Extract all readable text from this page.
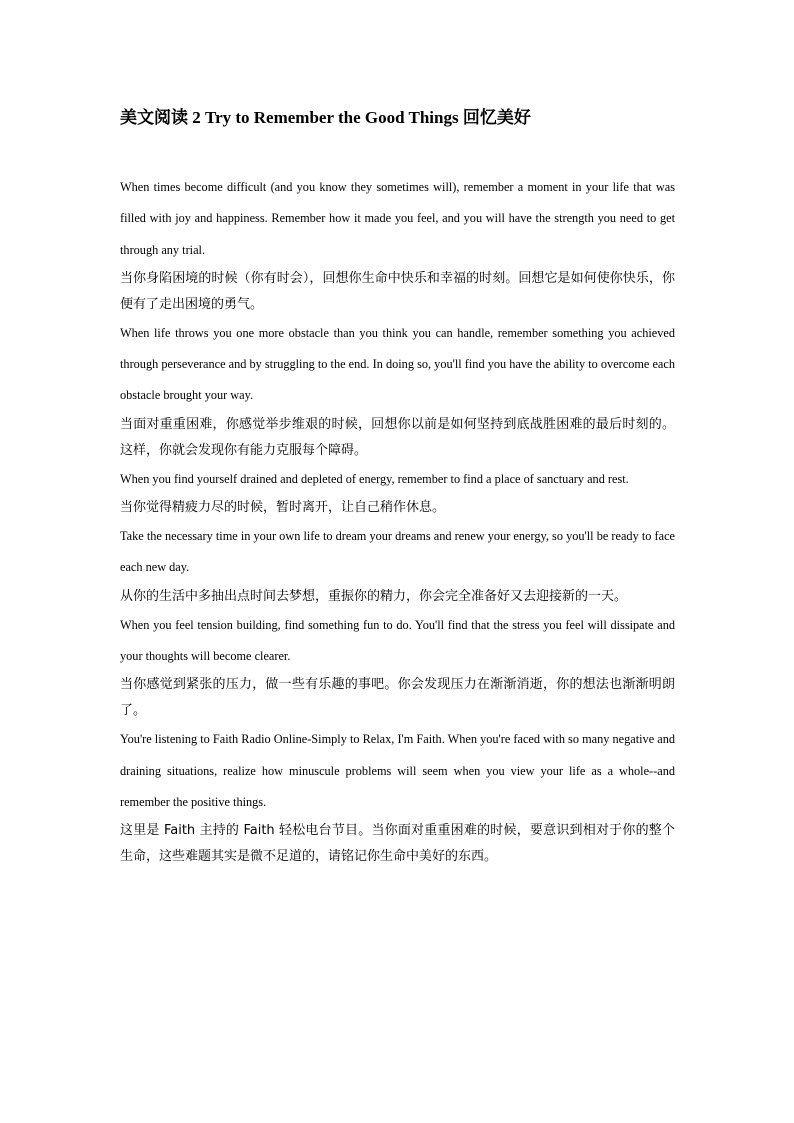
美文阅读 2 Try to Remember the Good Things 回忆美好

When times become difficult (and you know they sometimes will), remember a moment in your life that was filled with joy and happiness. Remember how it made you feel, and you will have the strength you need to get through any trial.

当你身陷困境的时候（你有时会），回想你生命中快乐和幸福的时刻。回想它是如何使你快乐，你便有了走出困境的勇气。

When life throws you one more obstacle than you think you can handle, remember something you achieved through perseverance and by struggling to the end. In doing so, you'll find you have the ability to overcome each obstacle brought your way.

当面对重重困难，你感觉举步维艰的时候，回想你以前是如何坚持到底战胜困难的最后时刻的。这样，你就会发现你有能力克服每个障碍。

When you find yourself drained and depleted of energy, remember to find a place of sanctuary and rest.

当你觉得精疲力尽的时候，暂时离开，让自己稍作休息。

Take the necessary time in your own life to dream your dreams and renew your energy, so you'll be ready to face each new day.

从你的生活中多抽出点时间去梦想，重振你的精力，你会完全准备好又去迎接新的一天。

When you feel tension building, find something fun to do. You'll find that the stress you feel will dissipate and your thoughts will become clearer.

当你感觉到紧张的压力，做一些有乐趣的事吧。你会发现压力在渐渐消逝，你的想法也渐渐明朗了。

You're listening to Faith Radio Online-Simply to Relax, I'm Faith. When you're faced with so many negative and draining situations, realize how minuscule problems will seem when you view your life as a whole--and remember the positive things.

这里是 Faith 主持的 Faith 轻松电台节目。当你面对重重困难的时候，要意识到相对于你的整个生命，这些难题其实是微不足道的，请铭记你生命中美好的东西。
